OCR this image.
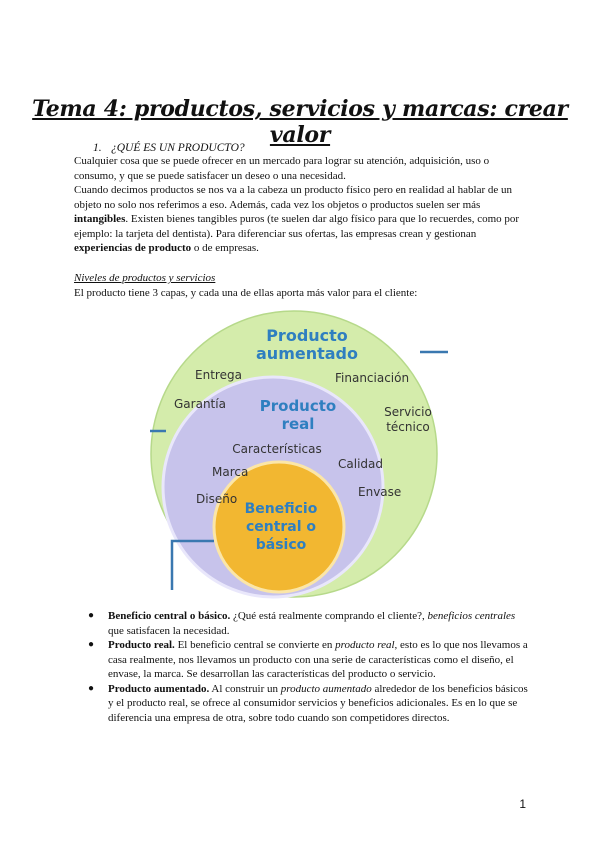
Tema 4: productos, servicios y marcas: crear valor
1. ¿QUÉ ES UN PRODUCTO?

Cualquier cosa que se puede ofrecer en un mercado para lograr su atención, adquisición, uso o consumo, y que se puede satisfacer un deseo o una necesidad.

Cuando decimos productos se nos va a la cabeza un producto físico pero en realidad al hablar de un objeto no solo nos referimos a eso. Además, cada vez los objetos o productos suelen ser más intangibles. Existen bienes tangibles puros (te suelen dar algo físico para que lo recuerdes, como por ejemplo: la tarjeta del dentista). Para diferenciar sus ofertas, las empresas crean y gestionan experiencias de producto o de empresas.

Niveles de productos y servicios

El producto tiene 3 capas, y cada una de ellas aporta más valor para el cliente:

Producto
aumentado
Entrega	Financiación
Garantía
Servicio
técnico
Producto
real
Características
Calidad
Marca
Envase
Diseño
Beneficio
central o
básico
● Beneficio central o básico. ¿Qué está realmente comprando el cliente?, beneficios centrales que satisfacen la necesidad.
● Producto real. El beneficio central se convierte en producto real, esto es lo que nos llevamos a casa realmente, nos llevamos un producto con una serie de características como el diseño, el envase, la marca. Se desarrollan las características del producto o servicio.
● Producto aumentado. Al construir un producto aumentado alrededor de los beneficios básicos y el producto real, se ofrece al consumidor servicios y beneficios adicionales. Es en lo que se diferencia una empresa de otra, sobre todo cuando son competidores directos.
1
